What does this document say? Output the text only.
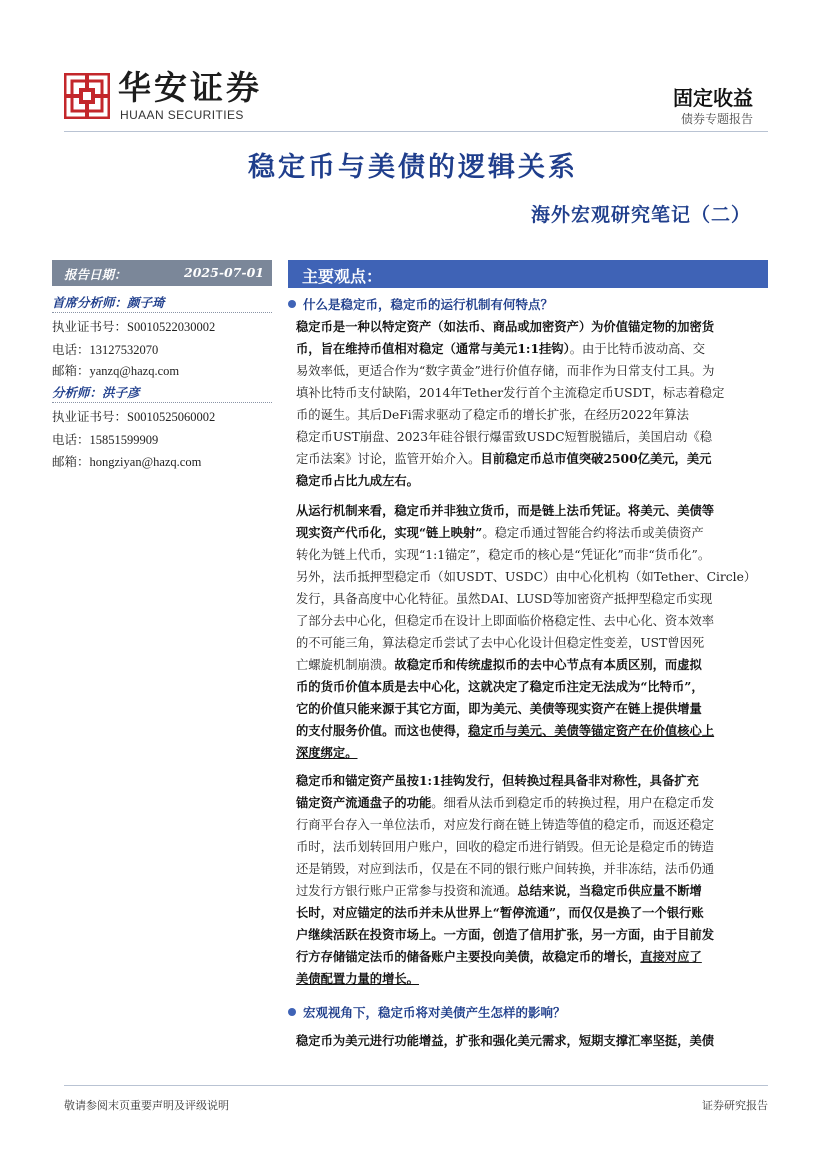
华安证券
HUAAN SECURITIES
固定收益
债券专题报告
稳定币与美债的逻辑关系
海外宏观研究笔记（二）
报告日期：	2025-07-01
首席分析师：颜子琦
执业证书号：S0010522030002
电话：13127532070
邮箱：yanzq@hazq.com
分析师：洪子彦
执业证书号：S0010525060002
电话：15851599909
邮箱：hongziyan@hazq.com
主要观点：
什么是稳定币，稳定币的运行机制有何特点？
稳定币是一种以特定资产（如法币、商品或加密资产）为价值锚定物的加密货
币，旨在维持币值相对稳定（通常与美元1:1挂钩）。由于比特币波动高、交
易效率低，更适合作为“数字黄金”进行价值存储，而非作为日常支付工具。为
填补比特币支付缺陷，2014年Tether发行首个主流稳定币USDT，标志着稳定
币的诞生。其后DeFi需求驱动了稳定币的增长扩张，在经历2022年算法
稳定币UST崩盘、2023年硅谷银行爆雷致USDC短暂脱锚后，美国启动《稳
定币法案》讨论，监管开始介入。目前稳定币总市值突破2500亿美元，美元
稳定币占比九成左右。
从运行机制来看，稳定币并非独立货币，而是链上法币凭证。将美元、美债等
现实资产代币化，实现“链上映射”。稳定币通过智能合约将法币或美债资产
转化为链上代币，实现“1:1锚定”，稳定币的核心是“凭证化”而非“货币化”。
另外，法币抵押型稳定币（如USDT、USDC）由中心化机构（如Tether、Circle）
发行，具备高度中心化特征。虽然DAI、LUSD等加密资产抵押型稳定币实现
了部分去中心化，但稳定币在设计上即面临价格稳定性、去中心化、资本效率
的不可能三角，算法稳定币尝试了去中心化设计但稳定性变差，UST曾因死
亡螺旋机制崩溃。故稳定币和传统虚拟币的去中心节点有本质区别，而虚拟
币的货币价值本质是去中心化，这就决定了稳定币注定无法成为“比特币”，
它的价值只能来源于其它方面，即为美元、美债等现实资产在链上提供增量
的支付服务价值。而这也使得，稳定币与美元、美债等锚定资产在价值核心上
深度绑定。
稳定币和锚定资产虽按1:1挂钩发行，但转换过程具备非对称性，具备扩充
锚定资产流通盘子的功能。细看从法币到稳定币的转换过程，用户在稳定币发
行商平台存入一单位法币，对应发行商在链上铸造等值的稳定币，而返还稳定
币时，法币划转回用户账户，回收的稳定币进行销毁。但无论是稳定币的铸造
还是销毁，对应到法币，仅是在不同的银行账户间转换，并非冻结，法币仍通
过发行方银行账户正常参与投资和流通。总结来说，当稳定币供应量不断增
长时，对应锚定的法币并未从世界上“暂停流通”，而仅仅是换了一个银行账
户继续活跃在投资市场上。一方面，创造了信用扩张，另一方面，由于目前发
行方存储锚定法币的储备账户主要投向美债，故稳定币的增长，直接对应了
美债配置力量的增长。
宏观视角下，稳定币将对美债产生怎样的影响？
稳定币为美元进行功能增益，扩张和强化美元需求，短期支撑汇率坚挺，美债
敬请参阅末页重要声明及评级说明	证券研究报告
